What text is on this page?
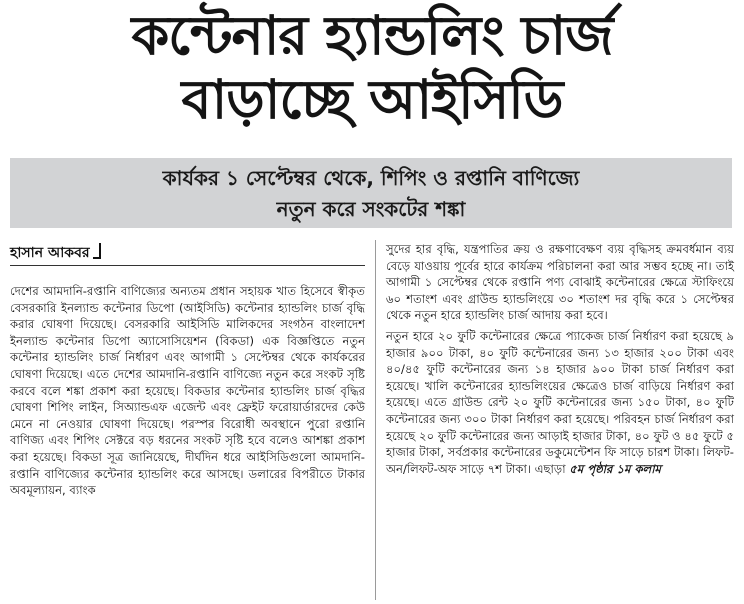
কন্টেনার হ্যান্ডলিং চার্জ
বাড়াচ্ছে আইসিডি
কার্যকর ১ সেপ্টেম্বর থেকে, শিপিং ও রপ্তানি বাণিজ্যে
নতুন করে সংকটের শঙ্কা
হাসান আকবর

দেশের আমদানি-রপ্তানি বাণিজ্যের অন্যতম প্রধান সহায়ক খাত হিসেবে স্বীকৃত বেসরকারি ইনল্যান্ড কন্টেনার ডিপো (আইসিডি) কন্টেনার হ্যান্ডলিং চার্জ বৃদ্ধি করার ঘোষণা দিয়েছে। বেসরকারি আইসিডি মালিকদের সংগঠন বাংলাদেশ ইনল্যান্ড কন্টেনার ডিপো অ্যাসোসিয়েশন (বিকডা) এক বিজ্ঞপ্তিতে নতুন কন্টেনার হ্যান্ডলিং চার্জ নির্ধারণ এবং আগামী ১ সেপ্টেম্বর থেকে কার্যকরের ঘোষণা দিয়েছে। এতে দেশের আমদানি-রপ্তানি বাণিজ্যে নতুন করে সংকট সৃষ্টি করবে বলে শঙ্কা প্রকাশ করা হয়েছে। বিকডার কন্টেনার হ্যান্ডলিং চার্জ বৃদ্ধির ঘোষণা শিপিং লাইন, সিঅ্যান্ডএফ এজেন্ট এবং ফ্রেইট ফরোয়ার্ডারদের কেউ মেনে না নেওয়ার ঘোষণা দিয়েছে। পরস্পর বিরোধী অবস্থানে পুরো রপ্তানি বাণিজ্য এবং শিপিং সেক্টরে বড় ধরনের সংকট সৃষ্টি হবে বলেও আশঙ্কা প্রকাশ করা হয়েছে। বিকডা সূত্র জানিয়েছে, দীর্ঘদিন ধরে আইসিডিগুলো আমদানি-রপ্তানি বাণিজ্যের কন্টেনার হ্যান্ডলিং করে আসছে। ডলারের বিপরীতে টাকার অবমূল্যায়ন, ব্যাংক

সুদের হার বৃদ্ধি, যন্ত্রপাতির ক্রয় ও রক্ষণাবেক্ষণ ব্যয় বৃদ্ধিসহ ক্রমবর্ধমান ব্যয় বেড়ে যাওয়ায় পূর্বের হারে কার্যক্রম পরিচালনা করা আর সম্ভব হচ্ছে না। তাই আগামী ১ সেপ্টেম্বর থেকে রপ্তানি পণ্য বোঝাই কন্টেনারের ক্ষেত্রে স্টাফিংয়ে ৬০ শতাংশ এবং গ্রাউন্ড হ্যান্ডলিংয়ে ৩০ শতাংশ দর বৃদ্ধি করে ১ সেপ্টেম্বর থেকে নতুন হারে হ্যান্ডলিং চার্জ আদায় করা হবে।

নতুন হারে ২০ ফুটি কন্টেনারের ক্ষেত্রে প্যাকেজ চার্জ নির্ধারণ করা হয়েছে ৯ হাজার ৯০০ টাকা, ৪০ ফুটি কন্টেনারের জন্য ১৩ হাজার ২০০ টাকা এবং ৪০/৪৫ ফুটি কন্টেনারের জন্য ১৪ হাজার ৯০০ টাকা চার্জ নির্ধারণ করা হয়েছে। খালি কন্টেনারের হ্যান্ডলিংয়ের ক্ষেত্রেও চার্জ বাড়িয়ে নির্ধারণ করা হয়েছে। এতে গ্রাউন্ড রেন্ট ২০ ফুটি কন্টেনারের জন্য ১৫০ টাকা, ৪০ ফুটি কন্টেনারের জন্য ৩০০ টাকা নির্ধারণ করা হয়েছে। পরিবহন চার্জ নির্ধারণ করা হয়েছে ২০ ফুটি কন্টেনারের জন্য আড়াই হাজার টাকা, ৪০ ফুট ও ৪৫ ফুটে ৫ হাজার টাকা, সর্বপ্রকার কন্টেনারের ডকুমেন্টেশন ফি সাড়ে চারশ টাকা। লিফট-অন/লিফট-অফ সাড়ে ৭শ টাকা। এছাড়া ৫ম পৃষ্ঠার ১ম কলাম
